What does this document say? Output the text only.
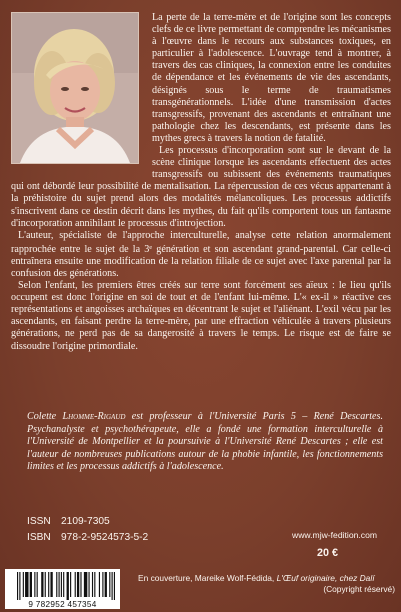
La perte de la terre-mère et de l'origine sont les concepts clefs de ce livre permettant de comprendre les mécanismes à l'œuvre dans le recours aux substances toxiques, en particulier à l'adolescence. L'ouvrage tend à montrer, à travers des cas cliniques, la connexion entre les conduites de dépendance et les événements de vie des ascendants, désignés sous le terme de traumatismes transgénérationnels. L'idée d'une transmission d'actes transgressifs, provenant des ascendants et entraînant une pathologie chez les descendants, est présente dans les mythes grecs à travers la notion de fatalité.

Les processus d'incorporation sont sur le devant de la scène clinique lorsque les ascendants effectuent des actes transgressifs ou subissent des événements traumatiques qui ont débordé leur possibilité de mentalisation. La répercussion de ces vécus appartenant à la préhistoire du sujet prend alors des modalités mélancoliques. Les processus addictifs s'inscrivent dans ce destin décrit dans les mythes, du fait qu'ils comportent tous un fantasme d'incorporation annihilant le processus d'introjection.

L'auteur, spécialiste de l'approche interculturelle, analyse cette relation anormalement rapprochée entre le sujet de la 3e génération et son ascendant grand-parental. Car celle-ci entraînera ensuite une modification de la relation filiale de ce sujet avec l'axe parental par la confusion des générations.

Selon l'enfant, les premiers êtres créés sur terre sont forcément ses aïeux : le lieu qu'ils occupent est donc l'origine en soi de tout et de l'enfant lui-même. L'« ex-il » réactive ces représentations et angoisses archaïques en décentrant le sujet et l'aliénant. L'exil vécu par les ascendants, en faisant perdre la terre-mère, par une effraction véhiculée à travers plusieurs générations, ne perd pas de sa dangerosité à travers le temps. Le risque est de faire se dissoudre l'origine primordiale.

Colette Lhomme-Rigaud est professeur à l'Université Paris 5 – René Descartes. Psychanalyste et psychothérapeute, elle a fondé une formation interculturelle à l'Université de Montpellier et la poursuivie à l'Université René Descartes ; elle est l'auteur de nombreuses publications autour de la phobie infantile, les fonctionnements limites et les processus addictifs à l'adolescence.

ISSN	2109-7305
ISBN	978-2-9524573-5-2	www.mjw-fedition.com
20 €
9 782952 457354
En couverture, Mareike Wolf-Fédida, L'Œuf originaire, chez Dalí
(Copyright réservé)
